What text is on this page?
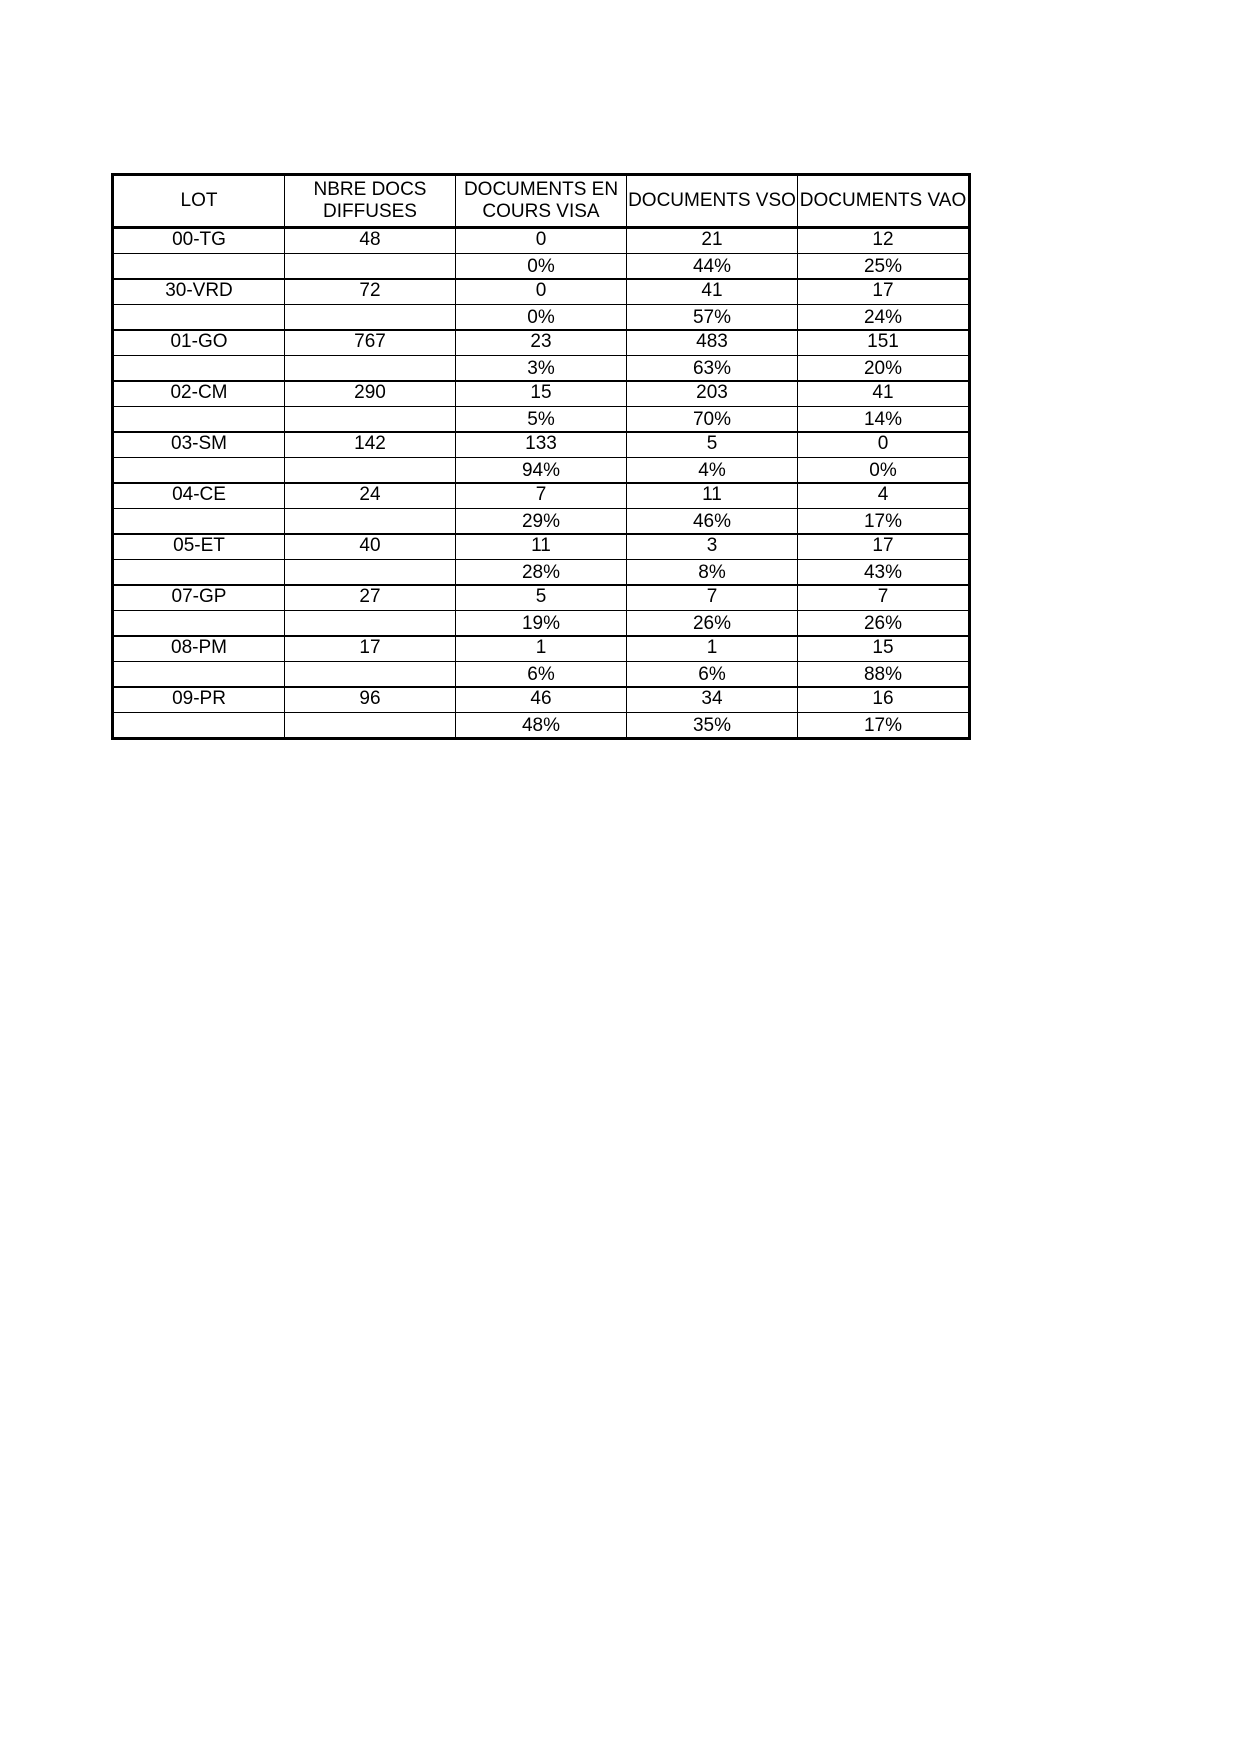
LOT	NBRE DOCS DIFFUSES	DOCUMENTS EN COURS VISA	DOCUMENTS VSO	DOCUMENTS VAO
00-TG	48	0	21	12
		0%	44%	25%
30-VRD	72	0	41	17
		0%	57%	24%
01-GO	767	23	483	151
		3%	63%	20%
02-CM	290	15	203	41
		5%	70%	14%
03-SM	142	133	5	0
		94%	4%	0%
04-CE	24	7	11	4
		29%	46%	17%
05-ET	40	11	3	17
		28%	8%	43%
07-GP	27	5	7	7
		19%	26%	26%
08-PM	17	1	1	15
		6%	6%	88%
09-PR	96	46	34	16
		48%	35%	17%
